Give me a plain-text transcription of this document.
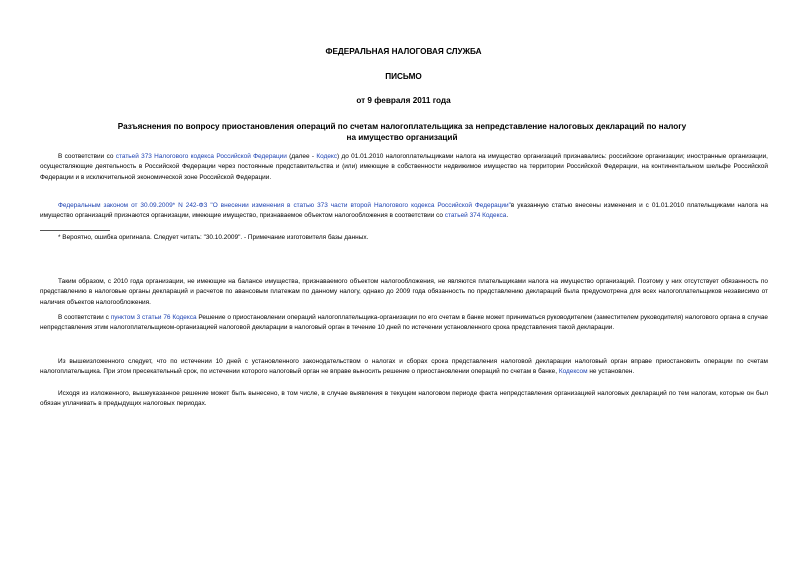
ФЕДЕРАЛЬНАЯ НАЛОГОВАЯ СЛУЖБА
ПИСЬМО
от 9 февраля 2011 года
Разъяснения по вопросу приостановления операций по счетам налогоплательщика за непредставление налоговых деклараций по налогу на имущество организаций

В соответствии со статьей 373 Налогового кодекса Российской Федерации (далее - Кодекс) до 01.01.2010 налогоплательщиками налога на имущество организаций признавались: российские организации; иностранные организации, осуществляющие деятельность в Российской Федерации через постоянные представительства и (или) имеющие в собственности недвижимое имущество на территории Российской Федерации, на континентальном шельфе Российской Федерации и в исключительной экономической зоне Российской Федерации.

Федеральным законом от 30.09.2009* N 242-ФЗ "О внесении изменения в статью 373 части второй Налогового кодекса Российской Федерации"в указанную статью внесены изменения и с 01.01.2010 плательщиками налога на имущество организаций признаются организации, имеющие имущество, признаваемое объектом налогообложения в соответствии со статьей 374 Кодекса.

* Вероятно, ошибка оригинала. Следует читать: "30.10.2009". - Примечание изготовителя базы данных.

Таким образом, с 2010 года организации, не имеющие на балансе имущества, признаваемого объектом налогообложения, не являются плательщиками налога на имущество организаций. Поэтому у них отсутствует обязанность по представлению в налоговые органы деклараций и расчетов по авансовым платежам по данному налогу, однако до 2009 года обязанность по представлению деклараций была предусмотрена для всех налогоплательщиков независимо от наличия объектов налогообложения.

В соответствии с пунктом 3 статьи 76 Кодекса Решение о приостановлении операций налогоплательщика-организации по его счетам в банке может приниматься руководителем (заместителем руководителя) налогового органа в случае непредставления этим налогоплательщиком-организацией налоговой декларации в налоговый орган в течение 10 дней по истечении установленного срока представления такой декларации.

Из вышеизложенного следует, что по истечении 10 дней с установленного законодательством о налогах и сборах срока представления налоговой декларации налоговый орган вправе приостановить операции по счетам налогоплательщика. При этом пресекательный срок, по истечении которого налоговый орган не вправе выносить решение о приостановлении операций по счетам в банке, Кодексом не установлен.

Исходя из изложенного, вышеуказанное решение может быть вынесено, в том числе, в случае выявления в текущем налоговом периоде факта непредставления организацией налоговых деклараций по тем налогам, которые он был обязан уплачивать в предыдущих налоговых периодах.
